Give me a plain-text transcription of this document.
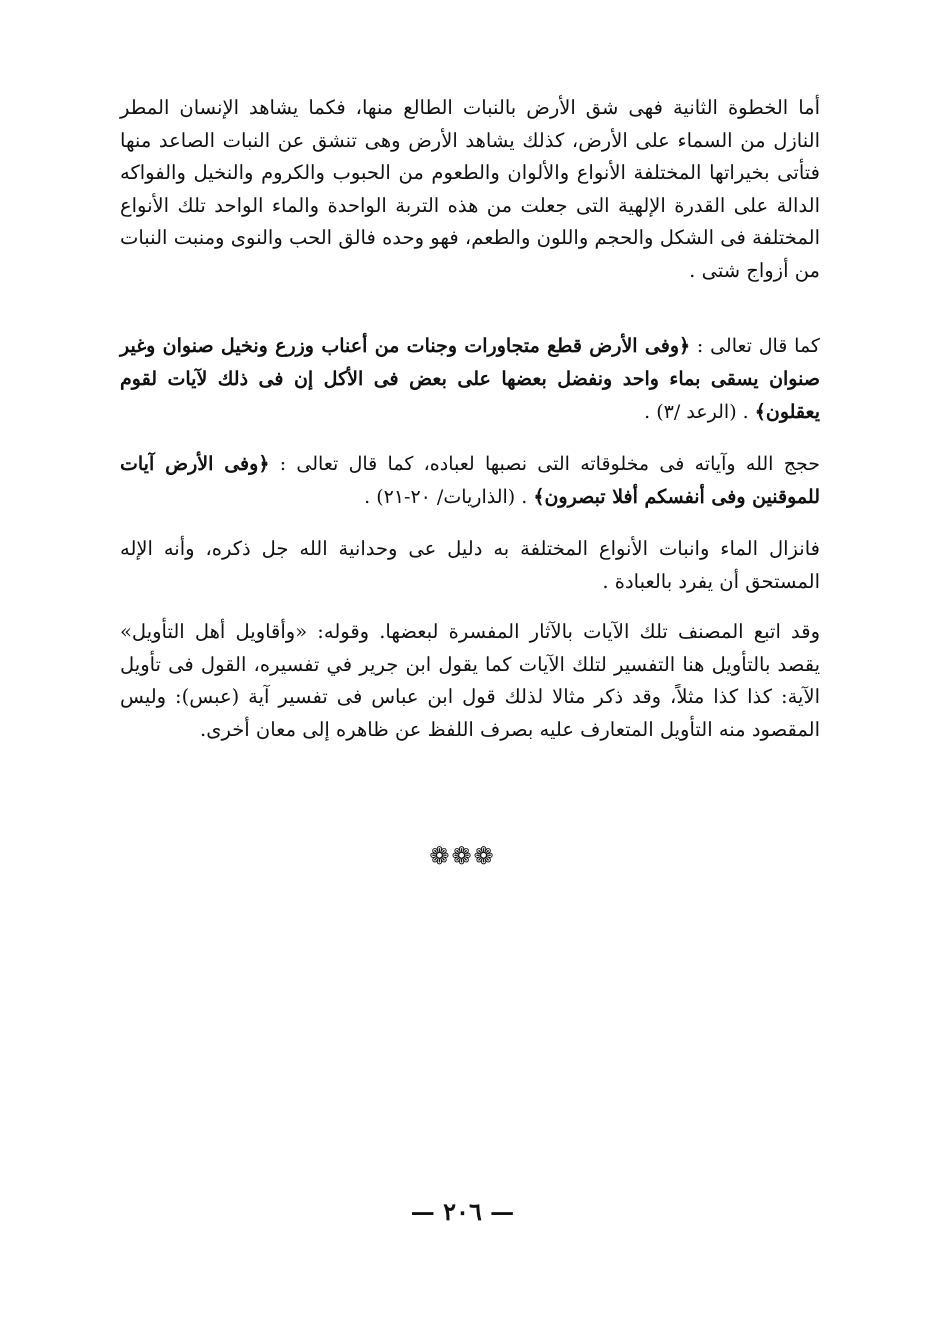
أما الخطوة الثانية فهى شق الأرض بالنبات الطالع منها، فكما يشاهد الإنسان المطر النازل من السماء على الأرض، كذلك يشاهد الأرض وهى تنشق عن النبات الصاعد منها فتأتى بخيراتها المختلفة الأنواع والألوان والطعوم من الحبوب والكروم والنخيل والفواكه الدالة على القدرة الإلهية التى جعلت من هذه التربة الواحدة والماء الواحد تلك الأنواع المختلفة فى الشكل والحجم واللون والطعم، فهو وحده فالق الحب والنوى ومنبت النبات من أزواج شتى .

كما قال تعالى : ﴿وفى الأرض قطع متجاورات وجنات من أعناب وزرع ونخيل صنوان وغير صنوان يسقى بماء واحد ونفضل بعضها على بعض فى الأكل إن فى ذلك لآيات لقوم يعقلون﴾ . (الرعد /٣) .

حجج الله وآياته فى مخلوقاته التى نصبها لعباده، كما قال تعالى : ﴿وفى الأرض آيات للموقنين وفى أنفسكم أفلا تبصرون﴾ . (الذاريات/ ٢٠-٢١) .

فانزال الماء وانبات الأنواع المختلفة به دليل عى وحدانية الله جل ذكره، وأنه الإله المستحق أن يفرد بالعبادة .

وقد اتبع المصنف تلك الآيات بالآثار المفسرة لبعضها. وقوله: «وأقاويل أهل التأويل» يقصد بالتأويل هنا التفسير لتلك الآيات كما يقول ابن جرير في تفسيره، القول فى تأويل الآية: كذا كذا مثلاً، وقد ذكر مثالا لذلك قول ابن عباس فى تفسير آية (عبس): وليس المقصود منه التأويل المتعارف عليه بصرف اللفظ عن ظاهره إلى معان أخرى.

❁❁❁
— ٢٠٦ —
